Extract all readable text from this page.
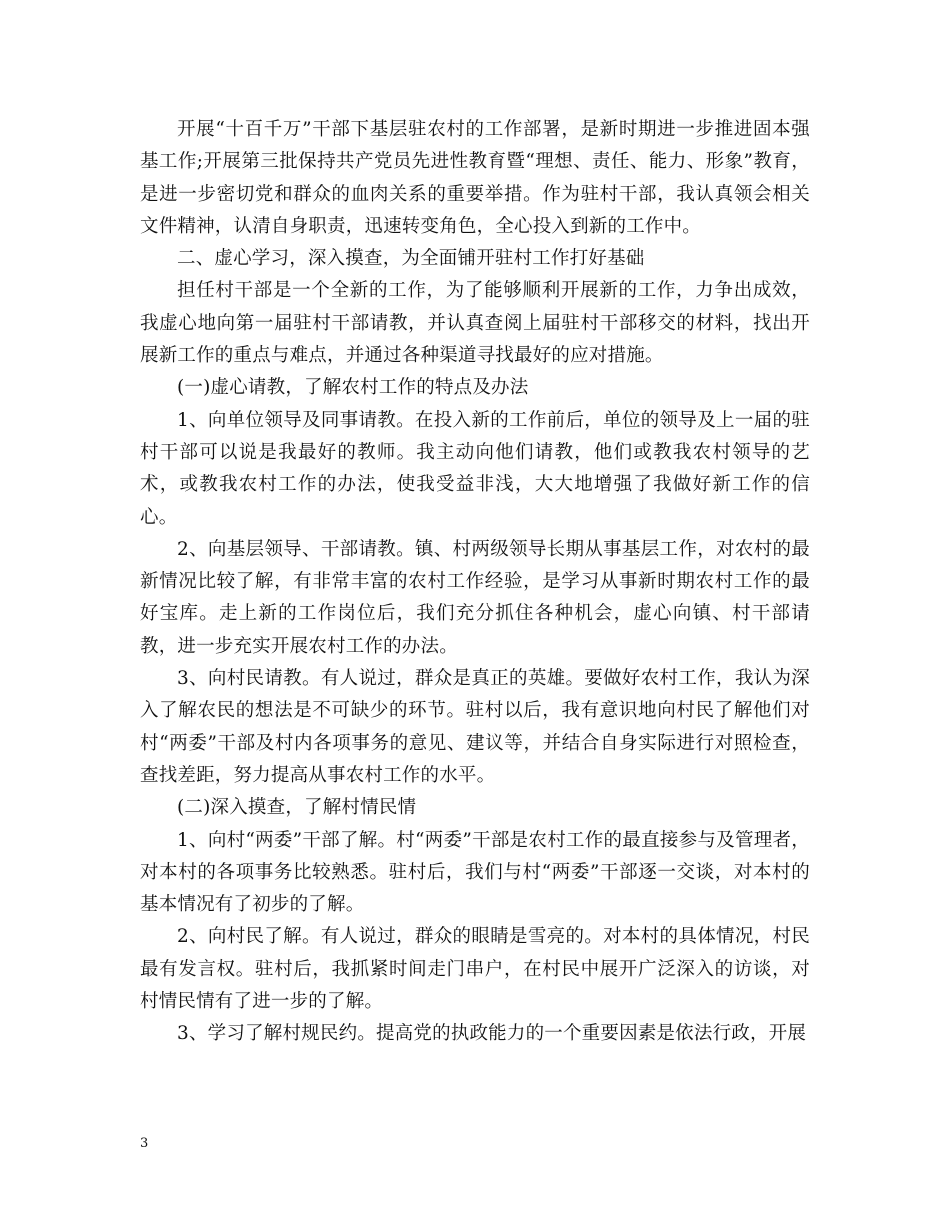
开展“十百千万”干部下基层驻农村的工作部署，是新时期进一步推进固本强基工作;开展第三批保持共产党员先进性教育暨“理想、责任、能力、形象”教育，是进一步密切党和群众的血肉关系的重要举措。作为驻村干部，我认真领会相关文件精神，认清自身职责，迅速转变角色，全心投入到新的工作中。

二、虚心学习，深入摸查，为全面铺开驻村工作打好基础

担任村干部是一个全新的工作，为了能够顺利开展新的工作，力争出成效，我虚心地向第一届驻村干部请教，并认真查阅上届驻村干部移交的材料，找出开展新工作的重点与难点，并通过各种渠道寻找最好的应对措施。

(一)虚心请教，了解农村工作的特点及办法

1、向单位领导及同事请教。在投入新的工作前后，单位的领导及上一届的驻村干部可以说是我最好的教师。我主动向他们请教，他们或教我农村领导的艺术，或教我农村工作的办法，使我受益非浅，大大地增强了我做好新工作的信心。

2、向基层领导、干部请教。镇、村两级领导长期从事基层工作，对农村的最新情况比较了解，有非常丰富的农村工作经验，是学习从事新时期农村工作的最好宝库。走上新的工作岗位后，我们充分抓住各种机会，虚心向镇、村干部请教，进一步充实开展农村工作的办法。

3、向村民请教。有人说过，群众是真正的英雄。要做好农村工作，我认为深入了解农民的想法是不可缺少的环节。驻村以后，我有意识地向村民了解他们对村“两委”干部及村内各项事务的意见、建议等，并结合自身实际进行对照检查，查找差距，努力提高从事农村工作的水平。

(二)深入摸查，了解村情民情

1、向村“两委”干部了解。村“两委”干部是农村工作的最直接参与及管理者，对本村的各项事务比较熟悉。驻村后，我们与村“两委”干部逐一交谈，对本村的基本情况有了初步的了解。

2、向村民了解。有人说过，群众的眼睛是雪亮的。对本村的具体情况，村民最有发言权。驻村后，我抓紧时间走门串户，在村民中展开广泛深入的访谈，对村情民情有了进一步的了解。

3、学习了解村规民约。提高党的执政能力的一个重要因素是依法行政，开展

3
